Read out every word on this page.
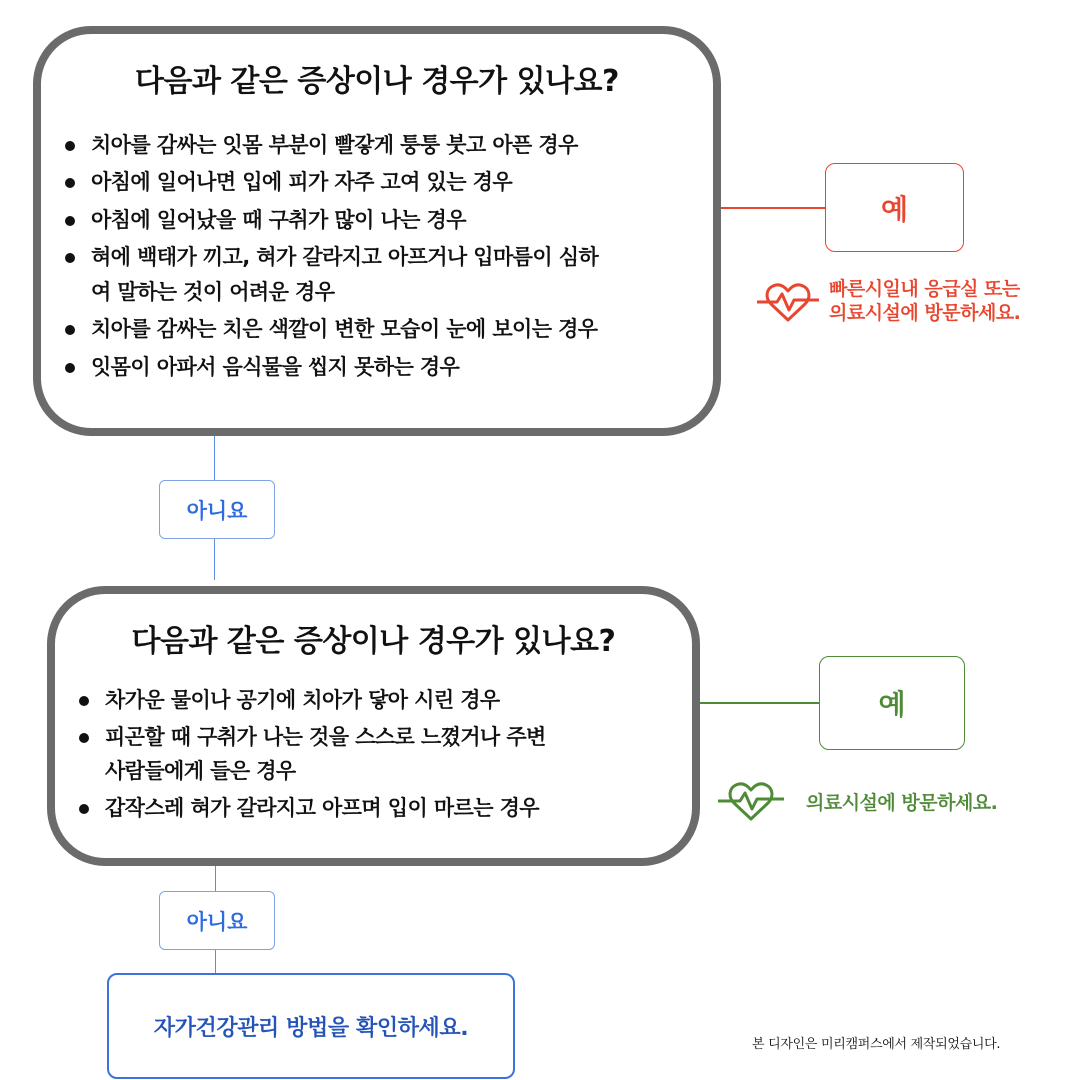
다음과 같은 증상이나 경우가 있나요?
치아를 감싸는 잇몸 부분이 빨갛게 퉁퉁 붓고 아픈 경우
아침에 일어나면 입에 피가 자주 고여 있는 경우
아침에 일어났을 때 구취가 많이 나는 경우
혀에 백태가 끼고, 혀가 갈라지고 아프거나 입마름이 심하
여 말하는 것이 어려운 경우
치아를 감싸는 치은 색깔이 변한 모습이 눈에 보이는 경우
잇몸이 아파서 음식물을 씹지 못하는 경우
예
빠른시일내 응급실 또는
의료시설에 방문하세요.
아니요
다음과 같은 증상이나 경우가 있나요?
차가운 물이나 공기에 치아가 닿아 시린 경우
피곤할 때 구취가 나는 것을 스스로 느꼈거나 주변
사람들에게 들은 경우
갑작스레 혀가 갈라지고 아프며 입이 마르는 경우
예
의료시설에 방문하세요.
아니요
자가건강관리 방법을 확인하세요.
본 디자인은 미리캠퍼스에서 제작되었습니다.
